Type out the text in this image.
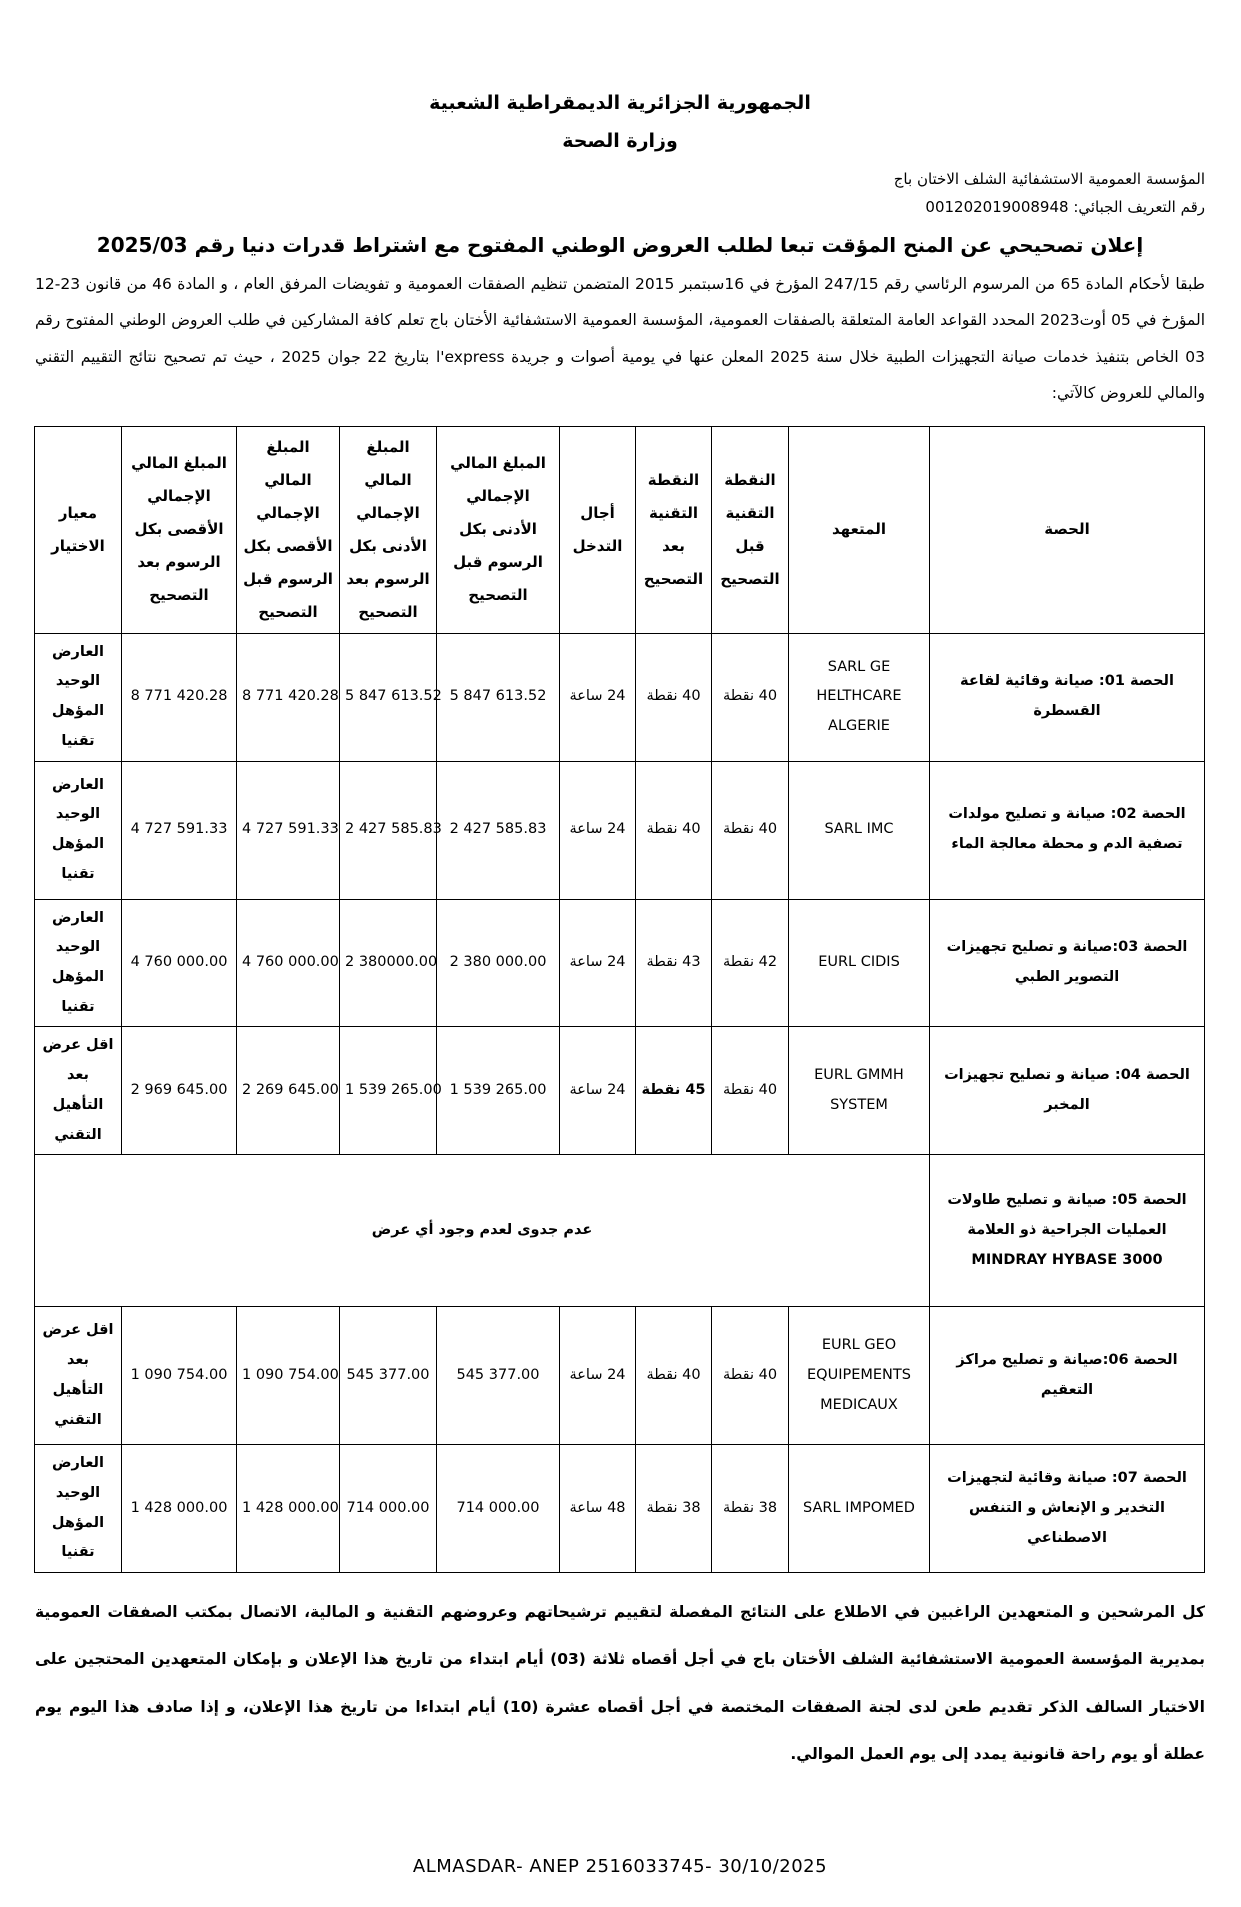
الجمهورية الجزائرية الديمقراطية الشعبية
وزارة الصحة
المؤسسة العمومية الاستشفائية الشلف الاختان باج
رقم التعريف الجبائي: 001202019008948
إعلان تصحيحي عن المنح المؤقت تبعا لطلب العروض الوطني المفتوح مع اشتراط قدرات دنيا رقم 2025/03

طبقا لأحكام المادة 65 من المرسوم الرئاسي رقم 247/15 المؤرخ في 16سبتمبر 2015 المتضمن تنظيم الصفقات العمومية و تفويضات المرفق العام ، و المادة 46 من قانون 23-12 المؤرخ في 05 أوت2023 المحدد القواعد العامة المتعلقة بالصفقات العمومية، المؤسسة العمومية الاستشفائية الأختان باج تعلم كافة المشاركين في طلب العروض الوطني المفتوح رقم 03 الخاص بتنفيذ خدمات صيانة التجهيزات الطبية خلال سنة 2025 المعلن عنها في يومية أصوات و جريدة l'express بتاريخ 22 جوان 2025 ، حيث تم تصحيح نتائج التقييم التقني والمالي للعروض كالآتي:

الحصة	المتعهد	النقطة التقنية قبل التصحيح	النقطة التقنية بعد التصحيح	أجال التدخل	المبلغ المالي الإجمالي الأدنى بكل الرسوم قبل التصحيح	المبلغ المالي الإجمالي الأدنى بكل الرسوم بعد التصحيح	المبلغ المالي الإجمالي الأقصى بكل الرسوم قبل التصحيح	المبلغ المالي الإجمالي الأقصى بكل الرسوم بعد التصحيح	معيار الاختيار
الحصة 01: صيانة وقائية لقاعة القسطرة	SARL GE HELTHCARE ALGERIE	40 نقطة	40 نقطة	24 ساعة	5 847 613.52	5 847 613.52	8 771 420.28	8 771 420.28	العارض الوحيد المؤهل تقنيا
الحصة 02: صيانة و تصليح مولدات تصفية الدم و محطة معالجة الماء	SARL IMC	40 نقطة	40 نقطة	24 ساعة	2 427 585.83	2 427 585.83	4 727 591.33	4 727 591.33	العارض الوحيد المؤهل تقنيا
الحصة 03:صيانة و تصليح تجهيزات التصوير الطبي	EURL CIDIS	42 نقطة	43 نقطة	24 ساعة	2 380 000.00	2 380000.00	4 760 000.00	4 760 000.00	العارض الوحيد المؤهل تقنيا
الحصة 04: صيانة و تصليح تجهيزات المخبر	EURL GMMH SYSTEM	40 نقطة	45 نقطة	24 ساعة	1 539 265.00	1 539 265.00	2 269 645.00	2 969 645.00	اقل عرض بعد التأهيل التقني
الحصة 05: صيانة و تصليح طاولات العمليات الجراحية ذو العلامة MINDRAY HYBASE 3000	عدم جدوى لعدم وجود أي عرض								
الحصة 06:صيانة و تصليح مراكز التعقيم	EURL GEO EQUIPEMENTS MEDICAUX	40 نقطة	40 نقطة	24 ساعة	545 377.00	545 377.00	1 090 754.00	1 090 754.00	اقل عرض بعد التأهيل التقني
الحصة 07: صيانة وقائية لتجهيزات التخدير و الإنعاش و التنفس الاصطناعي	SARL IMPOMED	38 نقطة	38 نقطة	48 ساعة	714 000.00	714 000.00	1 428 000.00	1 428 000.00	العارض الوحيد المؤهل تقنيا

كل المرشحين و المتعهدين الراغبين في الاطلاع على النتائج المفصلة لتقييم ترشيحاتهم وعروضهم التقنية و المالية، الاتصال بمكتب الصفقات العمومية بمديرية المؤسسة العمومية الاستشفائية الشلف الأختان باج في أجل أقصاه ثلاثة (03) أيام ابتداء من تاريخ هذا الإعلان و بإمكان المتعهدين المحتجين على الاختيار السالف الذكر تقديم طعن لدى لجنة الصفقات المختصة في أجل أقصاه عشرة (10) أيام ابتداءا من تاريخ هذا الإعلان، و إذا صادف هذا اليوم يوم عطلة أو يوم راحة قانونية يمدد إلى يوم العمل الموالي.

ALMASDAR- ANEP 2516033745- 30/10/2025
